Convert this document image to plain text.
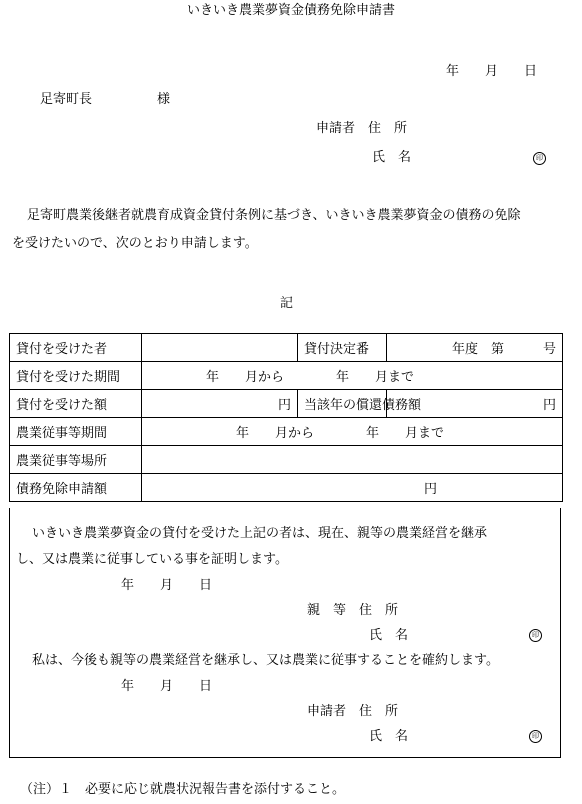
いきいき農業夢資金債務免除申請書
年　　月　　日
足寄町長　　　　　様
申請者　住　所
氏　名	印
足寄町農業後継者就農育成資金貸付条例に基づき、いきいき農業夢資金の債務の免除
を受けたいので、次のとおり申請します。
記
貸付を受けた者		貸付決定番	年度　第　　　号
貸付を受けた期間	年　　月から　　　　年　　月まで		
貸付を受けた額	円	当該年の償還債務額	円
農業従事等期間	年　　月から　　　　年　　月まで		
農業従事等場所			
債務免除申請額	円		
いきいき農業夢資金の貸付を受けた上記の者は、現在、親等の農業経営を継承
し、又は農業に従事している事を証明します。
年　　月　　日
親　等　住　所
氏　名	印
私は、今後も親等の農業経営を継承し、又は農業に従事することを確約します。
年　　月　　日
申請者　住　所
氏　名	印
（注）１　必要に応じ就農状況報告書を添付すること。
